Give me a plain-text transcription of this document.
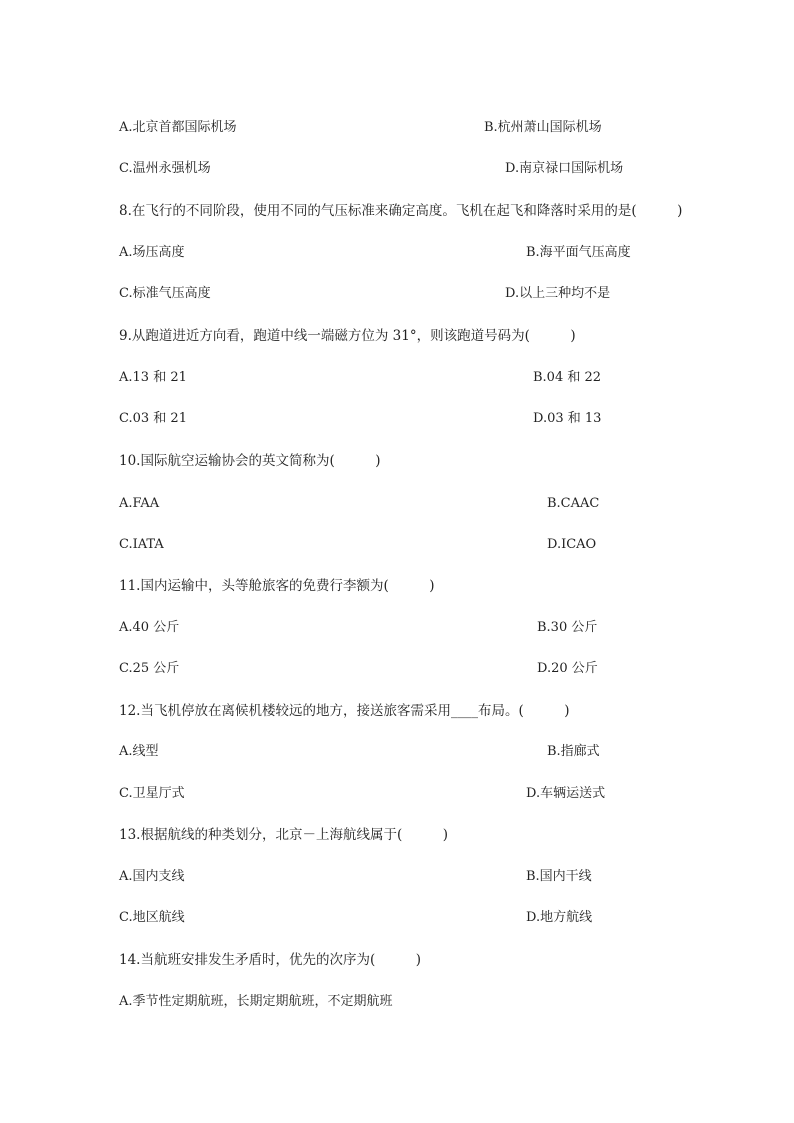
A.北京首都国际机场	B.杭州萧山国际机场
C.温州永强机场	D.南京禄口国际机场
8.在飞行的不同阶段，使用不同的气压标准来确定高度。飞机在起飞和降落时采用的是(　　　)
A.场压高度	B.海平面气压高度
C.标准气压高度	D.以上三种均不是
9.从跑道进近方向看，跑道中线一端磁方位为 31°，则该跑道号码为(　　　)
A.13 和 21	B.04 和 22
C.03 和 21	D.03 和 13
10.国际航空运输协会的英文简称为(　　　)
A.FAA	B.CAAC
C.IATA	D.ICAO
11.国内运输中，头等舱旅客的免费行李额为(　　　)
A.40 公斤	B.30 公斤
C.25 公斤	D.20 公斤
12.当飞机停放在离候机楼较远的地方，接送旅客需采用____布局。(　　　)
A.线型	B.指廊式
C.卫星厅式	D.车辆运送式
13.根据航线的种类划分，北京－上海航线属于(　　　)
A.国内支线	B.国内干线
C.地区航线	D.地方航线
14.当航班安排发生矛盾时，优先的次序为(　　　)
A.季节性定期航班，长期定期航班，不定期航班
